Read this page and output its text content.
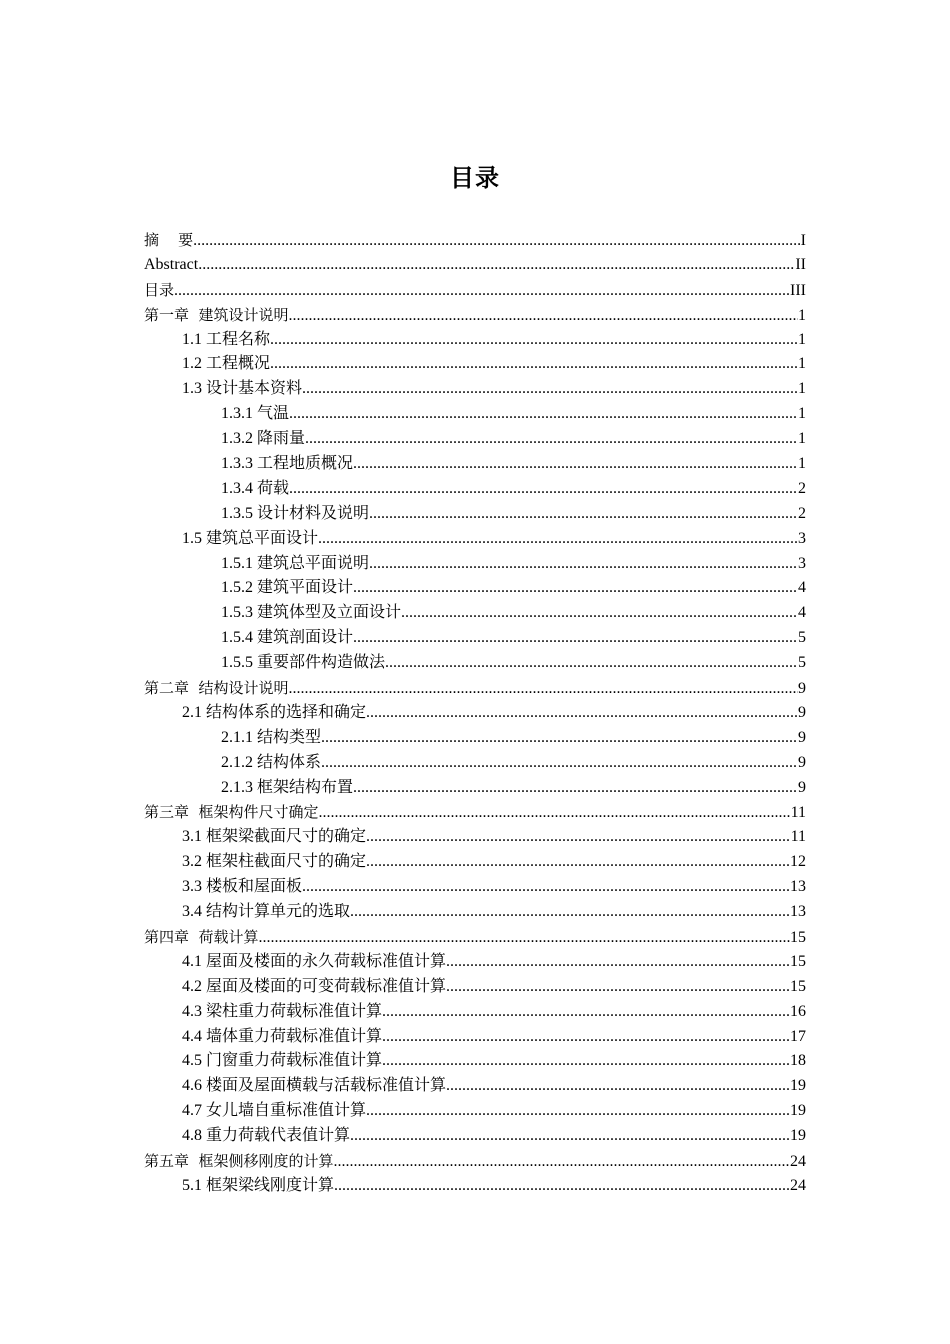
目录
摘    要 .....	I
Abstract .....	II
目录 .....	III
第一章  建筑设计说明 .....	1
1.1 工程名称 .....	1
1.2 工程概况 .....	1
1.3 设计基本资料 .....	1
1.3.1 气温 .....	1
1.3.2 降雨量 .....	1
1.3.3 工程地质概况 .....	1
1.3.4 荷载 .....	2
1.3.5 设计材料及说明 .....	2
1.5 建筑总平面设计 .....	3
1.5.1 建筑总平面说明 .....	3
1.5.2 建筑平面设计 .....	4
1.5.3 建筑体型及立面设计 .....	4
1.5.4 建筑剖面设计 .....	5
1.5.5 重要部件构造做法 .....	5
第二章  结构设计说明 .....	9
2.1 结构体系的选择和确定 .....	9
2.1.1 结构类型 .....	9
2.1.2 结构体系 .....	9
2.1.3 框架结构布置 .....	9
第三章  框架构件尺寸确定 .....	11
3.1 框架梁截面尺寸的确定 .....	11
3.2 框架柱截面尺寸的确定 .....	12
3.3 楼板和屋面板 .....	13
3.4 结构计算单元的选取 .....	13
第四章  荷载计算 .....	15
4.1 屋面及楼面的永久荷载标准值计算 .....	15
4.2 屋面及楼面的可变荷载标准值计算 .....	15
4.3 梁柱重力荷载标准值计算 .....	16
4.4 墙体重力荷载标准值计算 .....	17
4.5 门窗重力荷载标准值计算 .....	18
4.6 楼面及屋面横载与活载标准值计算 .....	19
4.7 女儿墙自重标准值计算 .....	19
4.8 重力荷载代表值计算 .....	19
第五章  框架侧移刚度的计算 .....	24
5.1 框架梁线刚度计算 .....	24
